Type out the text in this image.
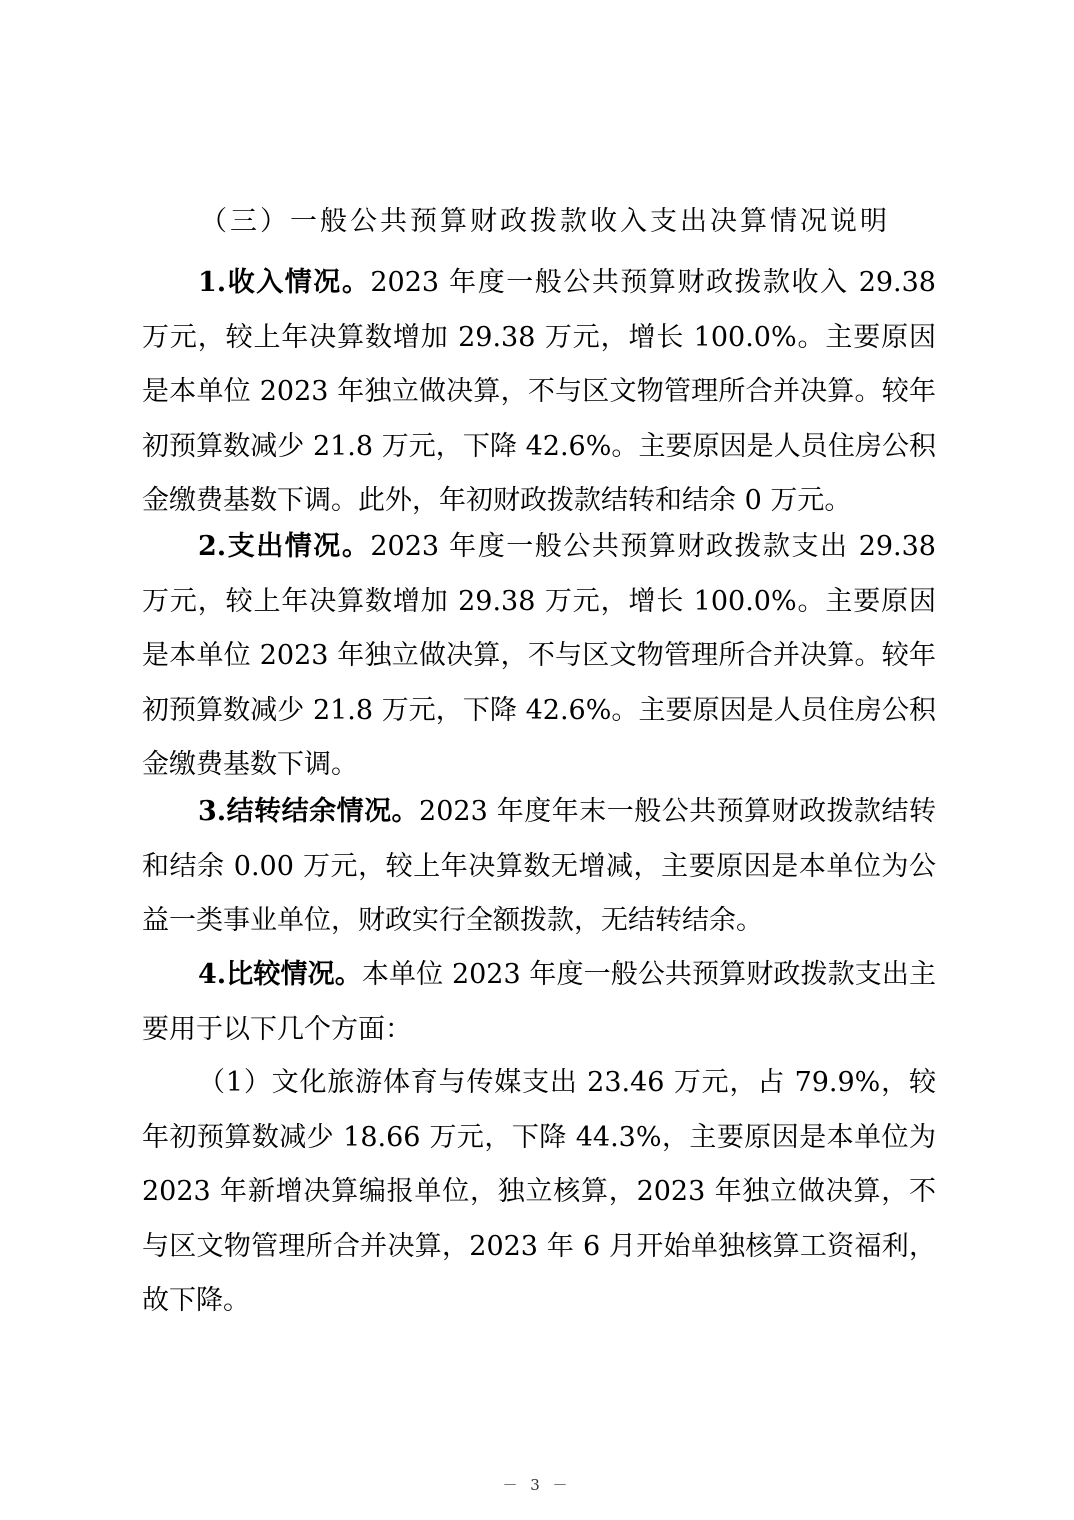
（三）一般公共预算财政拨款收入支出决算情况说明
1.收入情况。2023 年度一般公共预算财政拨款收入 29.38 万元，较上年决算数增加 29.38 万元，增长 100.0%。主要原因是本单位 2023 年独立做决算，不与区文物管理所合并决算。较年初预算数减少 21.8 万元，下降 42.6%。主要原因是人员住房公积金缴费基数下调。此外，年初财政拨款结转和结余 0 万元。
2.支出情况。2023 年度一般公共预算财政拨款支出 29.38 万元，较上年决算数增加 29.38 万元，增长 100.0%。主要原因是本单位 2023 年独立做决算，不与区文物管理所合并决算。较年初预算数减少 21.8 万元，下降 42.6%。主要原因是人员住房公积金缴费基数下调。
3.结转结余情况。2023 年度年末一般公共预算财政拨款结转和结余 0.00 万元，较上年决算数无增减，主要原因是本单位为公益一类事业单位，财政实行全额拨款，无结转结余。
4.比较情况。本单位 2023 年度一般公共预算财政拨款支出主要用于以下几个方面：
（1）文化旅游体育与传媒支出 23.46 万元，占 79.9%，较年初预算数减少 18.66 万元，下降 44.3%，主要原因是本单位为 2023 年新增决算编报单位，独立核算，2023 年独立做决算，不与区文物管理所合并决算，2023 年 6 月开始单独核算工资福利，故下降。
－ 3 －
